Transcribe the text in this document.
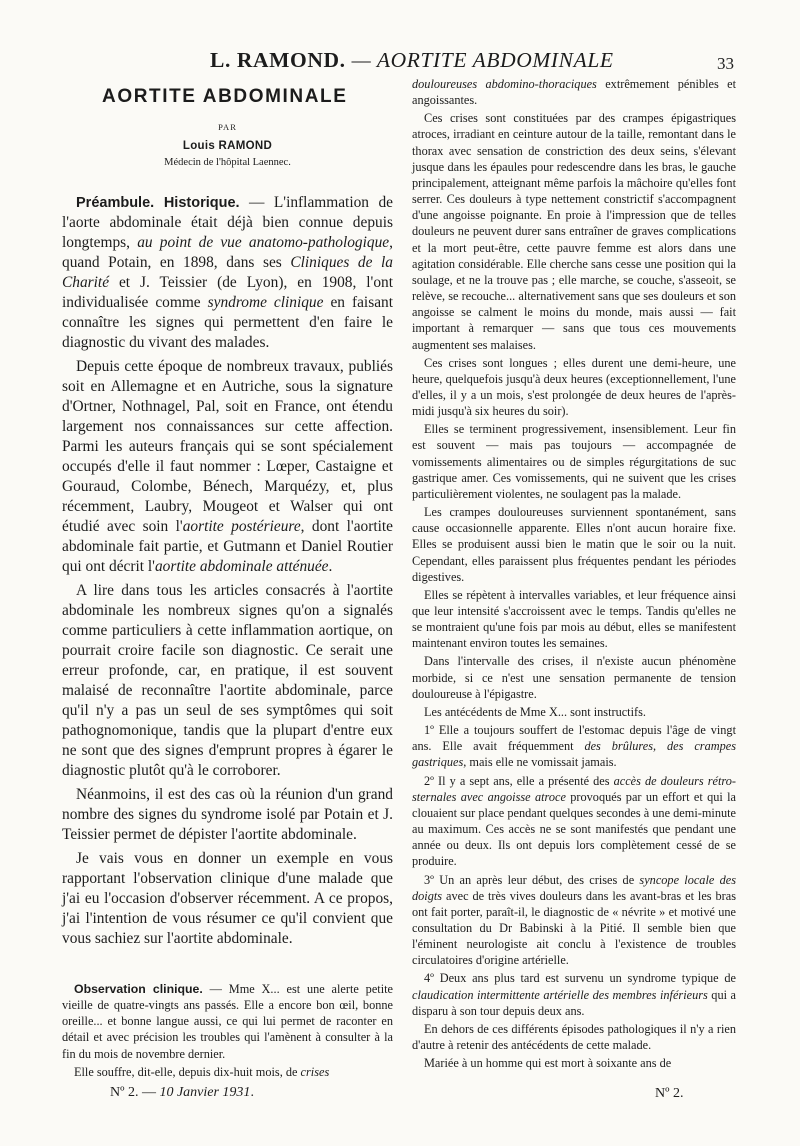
L. RAMOND. — AORTITE ABDOMINALE	33
AORTITE ABDOMINALE
PAR
Louis RAMOND
Médecin de l'hôpital Laennec.

Préambule. Historique. — L'inflammation de l'aorte abdominale était déjà bien connue depuis longtemps, au point de vue anatomo-pathologique, quand Potain, en 1898, dans ses Cliniques de la Charité et J. Teissier (de Lyon), en 1908, l'ont individualisée comme syndrome clinique en faisant connaître les signes qui permettent d'en faire le diagnostic du vivant des malades.

Depuis cette époque de nombreux travaux, publiés soit en Allemagne et en Autriche, sous la signature d'Ortner, Nothnagel, Pal, soit en France, ont étendu largement nos connaissances sur cette affection. Parmi les auteurs français qui se sont spécialement occupés d'elle il faut nommer : Lœper, Castaigne et Gouraud, Colombe, Bénech, Marquézy, et, plus récemment, Laubry, Mougeot et Walser qui ont étudié avec soin l'aortite postérieure, dont l'aortite abdominale fait partie, et Gutmann et Daniel Routier qui ont décrit l'aortite abdominale atténuée.

A lire dans tous les articles consacrés à l'aortite abdominale les nombreux signes qu'on a signalés comme particuliers à cette inflammation aortique, on pourrait croire facile son diagnostic. Ce serait une erreur profonde, car, en pratique, il est souvent malaisé de reconnaître l'aortite abdominale, parce qu'il n'y a pas un seul de ses symptômes qui soit pathognomonique, tandis que la plupart d'entre eux ne sont que des signes d'emprunt propres à égarer le diagnostic plutôt qu'à le corroborer.

Néanmoins, il est des cas où la réunion d'un grand nombre des signes du syndrome isolé par Potain et J. Teissier permet de dépister l'aortite abdominale.

Je vais vous en donner un exemple en vous rapportant l'observation clinique d'une malade que j'ai eu l'occasion d'observer récemment. A ce propos, j'ai l'intention de vous résumer ce qu'il convient que vous sachiez sur l'aortite abdominale.

Observation clinique. — Mme X... est une alerte petite vieille de quatre-vingts ans passés. Elle a encore bon œil, bonne oreille... et bonne langue aussi, ce qui lui permet de raconter en détail et avec précision les troubles qui l'amènent à consulter à la fin du mois de novembre dernier.

Elle souffre, dit-elle, depuis dix-huit mois, de crises

douloureuses abdomino-thoraciques extrêmement pénibles et angoissantes.

Ces crises sont constituées par des crampes épigastriques atroces, irradiant en ceinture autour de la taille, remontant dans le thorax avec sensation de constriction des deux seins, s'élevant jusque dans les épaules pour redescendre dans les bras, le gauche principalement, atteignant même parfois la mâchoire qu'elles font serrer. Ces douleurs à type nettement constrictif s'accompagnent d'une angoisse poignante. En proie à l'impression que de telles douleurs ne peuvent durer sans entraîner de graves complications et la mort peut-être, cette pauvre femme est alors dans une agitation considérable. Elle cherche sans cesse une position qui la soulage, et ne la trouve pas ; elle marche, se couche, s'asseoit, se relève, se recouche... alternativement sans que ses douleurs et son angoisse se calment le moins du monde, mais aussi — fait important à remarquer — sans que tous ces mouvements augmentent ses malaises.

Ces crises sont longues ; elles durent une demi-heure, une heure, quelquefois jusqu'à deux heures (exceptionnellement, l'une d'elles, il y a un mois, s'est prolongée de deux heures de l'après-midi jusqu'à six heures du soir).

Elles se terminent progressivement, insensiblement. Leur fin est souvent — mais pas toujours — accompagnée de vomissements alimentaires ou de simples régurgitations de suc gastrique amer. Ces vomissements, qui ne suivent que les crises particulièrement violentes, ne soulagent pas la malade.

Les crampes douloureuses surviennent spontanément, sans cause occasionnelle apparente. Elles n'ont aucun horaire fixe. Elles se produisent aussi bien le matin que le soir ou la nuit. Cependant, elles paraissent plus fréquentes pendant les périodes digestives.

Elles se répètent à intervalles variables, et leur fréquence ainsi que leur intensité s'accroissent avec le temps. Tandis qu'elles ne se montraient qu'une fois par mois au début, elles se manifestent maintenant environ toutes les semaines.

Dans l'intervalle des crises, il n'existe aucun phénomène morbide, si ce n'est une sensation permanente de tension douloureuse à l'épigastre.

Les antécédents de Mme X... sont instructifs.

1º Elle a toujours souffert de l'estomac depuis l'âge de vingt ans. Elle avait fréquemment des brûlures, des crampes gastriques, mais elle ne vomissait jamais.

2º Il y a sept ans, elle a présenté des accès de douleurs rétro-sternales avec angoisse atroce provoqués par un effort et qui la clouaient sur place pendant quelques secondes à une demi-minute au maximum. Ces accès ne se sont manifestés que pendant une année ou deux. Ils ont depuis lors complètement cessé de se produire.

3º Un an après leur début, des crises de syncope locale des doigts avec de très vives douleurs dans les avant-bras et les bras ont fait porter, paraît-il, le diagnostic de « névrite » et motivé une consultation du Dr Babinski à la Pitié. Il semble bien que l'éminent neurologiste ait conclu à l'existence de troubles circulatoires d'origine artérielle.

4º Deux ans plus tard est survenu un syndrome typique de claudication intermittente artérielle des membres inférieurs qui a disparu à son tour depuis deux ans.

En dehors de ces différents épisodes pathologiques il n'y a rien d'autre à retenir des antécédents de cette malade.

Mariée à un homme qui est mort à soixante ans de

Nº 2. — 10 Janvier 1931.	Nº 2.
